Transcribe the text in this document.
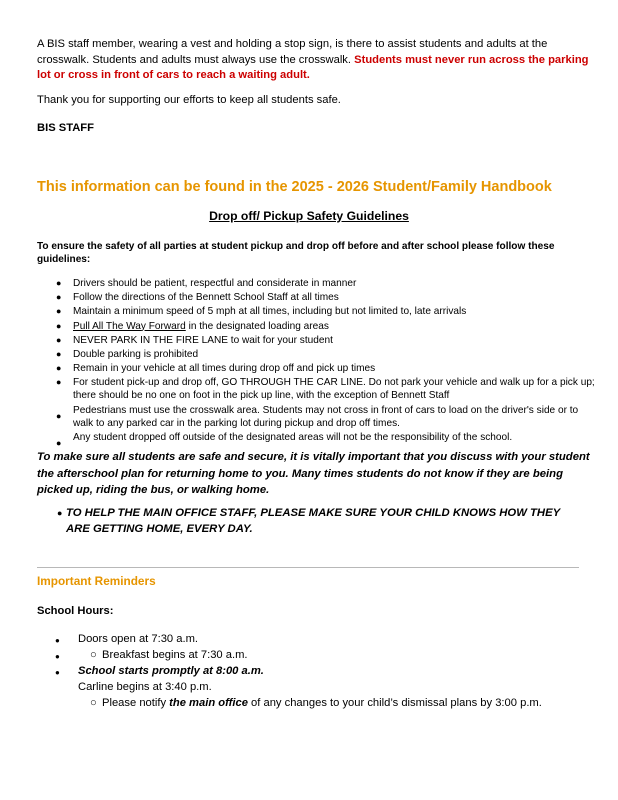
A BIS staff member, wearing a vest and holding a stop sign, is there to assist students and adults at the crosswalk. Students and adults must always use the crosswalk. Students must never run across the parking lot or cross in front of cars to reach a waiting adult.
Thank you for supporting our efforts to keep all students safe.
BIS STAFF
This information can be found in the 2025 - 2026 Student/Family Handbook
Drop off/ Pickup Safety Guidelines
To ensure the safety of all parties at student pickup and drop off before and after school please follow these guidelines:
● Drivers should be patient, respectful and considerate in manner
● Follow the directions of the Bennett School Staff at all times
● Maintain a minimum speed of 5 mph at all times, including but not limited to, late arrivals
● Pull All The Way Forward in the designated loading areas
● NEVER PARK IN THE FIRE LANE to wait for your student
● Double parking is prohibited
● Remain in your vehicle at all times during drop off and pick up times
● For student pick-up and drop off, GO THROUGH THE CAR LINE. Do not park your vehicle and walk up for a pick up; there should be no one on foot in the pick up line, with the exception of Bennett Staff
● Pedestrians must use the crosswalk area. Students may not cross in front of cars to load on the driver's side or to walk to any parked car in the parking lot during pickup and drop off times.
● Any student dropped off outside of the designated areas will not be the responsibility of the school.
To make sure all students are safe and secure, it is vitally important that you discuss with your student the afterschool plan for returning home to you. Many times students do not know if they are being picked up, riding the bus, or walking home.
● TO HELP THE MAIN OFFICE STAFF, PLEASE MAKE SURE YOUR CHILD KNOWS HOW THEY ARE GETTING HOME, EVERY DAY.
Important Reminders
School Hours:
● Doors open at 7:30 a.m.
●	○ Breakfast begins at 7:30 a.m.
● School starts promptly at 8:00 a.m.
Carline begins at 3:40 p.m.
○ Please notify the main office of any changes to your child’s dismissal plans by 3:00 p.m.
